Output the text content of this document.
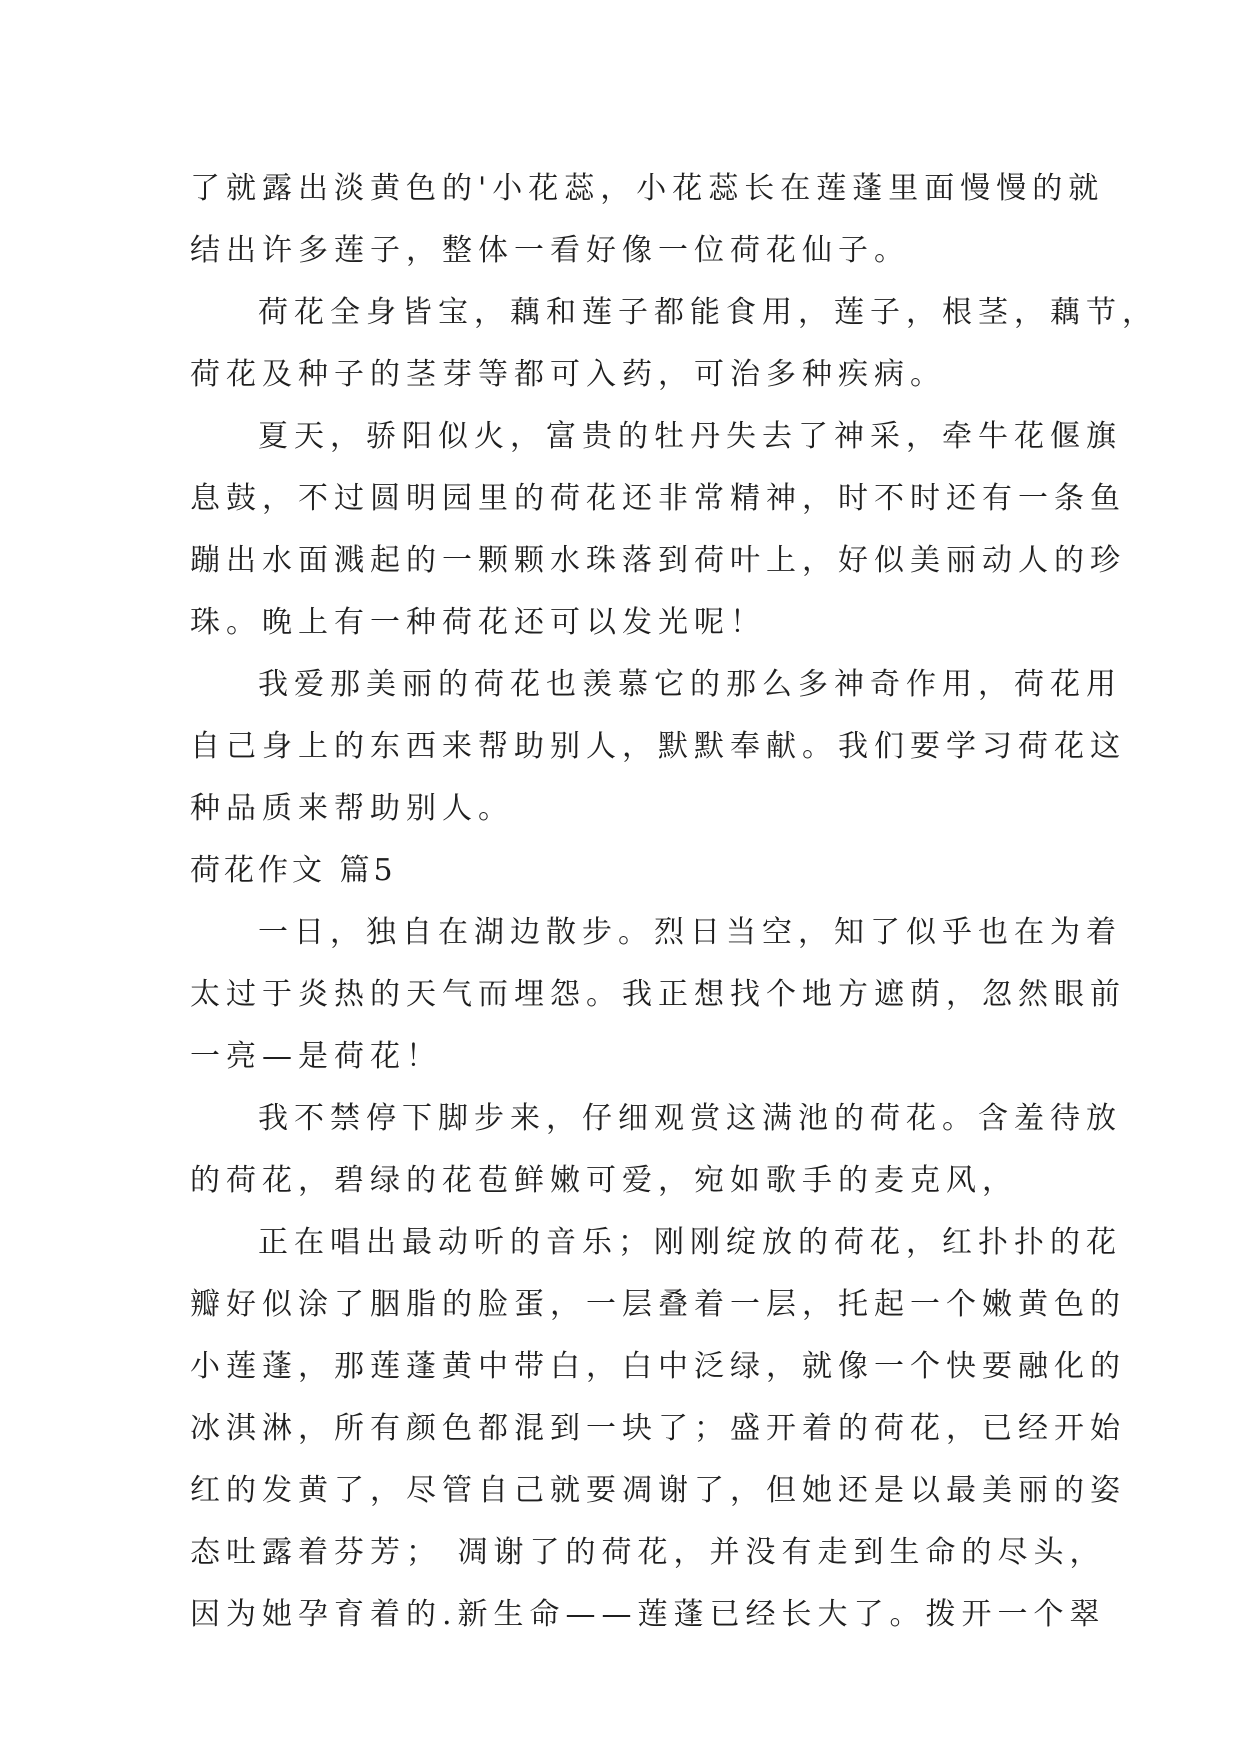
了就露出淡黄色的'小花蕊，小花蕊长在莲蓬里面慢慢的就
结出许多莲子，整体一看好像一位荷花仙子。
荷花全身皆宝，藕和莲子都能食用，莲子，根茎，藕节，
荷花及种子的茎芽等都可入药，可治多种疾病。
夏天，骄阳似火，富贵的牡丹失去了神采，牵牛花偃旗
息鼓，不过圆明园里的荷花还非常精神，时不时还有一条鱼
蹦出水面溅起的一颗颗水珠落到荷叶上，好似美丽动人的珍
珠。晚上有一种荷花还可以发光呢！
我爱那美丽的荷花也羡慕它的那么多神奇作用，荷花用
自己身上的东西来帮助别人，默默奉献。我们要学习荷花这
种品质来帮助别人。
荷花作文 篇5
一日，独自在湖边散步。烈日当空，知了似乎也在为着
太过于炎热的天气而埋怨。我正想找个地方遮荫，忽然眼前
一亮—是荷花！
我不禁停下脚步来，仔细观赏这满池的荷花。含羞待放
的荷花，碧绿的花苞鲜嫩可爱，宛如歌手的麦克风，
正在唱出最动听的音乐；刚刚绽放的荷花，红扑扑的花
瓣好似涂了胭脂的脸蛋，一层叠着一层，托起一个嫩黄色的
小莲蓬，那莲蓬黄中带白，白中泛绿，就像一个快要融化的
冰淇淋，所有颜色都混到一块了；盛开着的荷花，已经开始
红的发黄了，尽管自己就要凋谢了，但她还是以最美丽的姿
态吐露着芬芳； 凋谢了的荷花，并没有走到生命的尽头，
因为她孕育着的.新生命——莲蓬已经长大了。拨开一个翠
